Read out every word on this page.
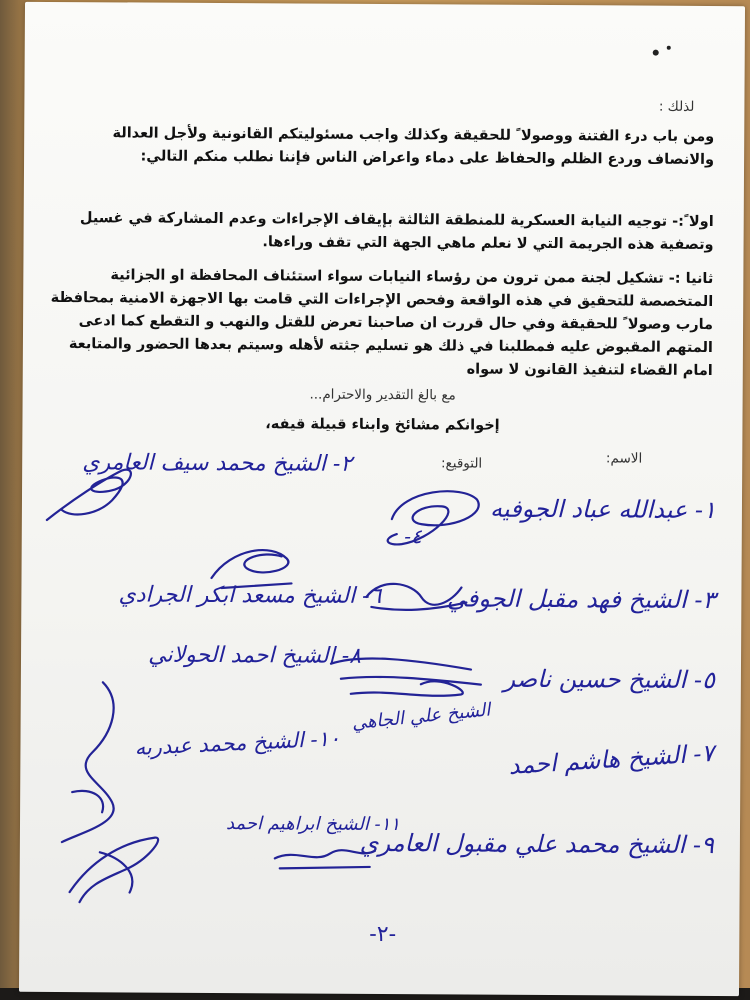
لذلك :
ومن باب درء الفتنة ووصولا ً للحقيقة وكذلك واجب مسئوليتكم القانونية ولأجل العدالة والانصاف وردع الظلم والحفاظ على دماء واعراض الناس فإننا نطلب منكم التالي:
اولا ً:- توجيه النيابة العسكرية للمنطقة الثالثة بإيقاف الإجراءات وعدم المشاركة في غسيل وتصفية هذه الجريمة التي لا نعلم ماهي الجهة التي تقف وراءها.
ثانيا :- تشكيل لجنة ممن ترون من رؤساء النيابات سواء استئناف المحافظة او الجزائية المتخصصة للتحقيق في هذه الواقعة وفحص الإجراءات التي قامت بها الاجهزة الامنية بمحافظة مارب وصولا ً للحقيقة وفي حال قررت ان صاحبنا تعرض للقتل والنهب و التقطع كما ادعى المتهم المقبوض عليه فمطلبنا في ذلك هو تسليم جثته لأهله وسيتم بعدها الحضور والمتابعة امام القضاء لتنفيذ القانون لا سواه
مع بالغ التقدير والاحترام...
إخوانكم مشائخ وابناء قبيلة قيفه،
الاسم:
التوقيع:
١- عبدالله عباد الجوفيه
٢- الشيخ محمد سيف العامري
٤-
٣- الشيخ فهد مقبل الجوفي
٦- الشيخ مسعد ابكر الجرادي
٥- الشيخ حسين ناصر
٨- الشيخ احمد الحولاني
الشيخ علي الجاهي
٧- الشيخ هاشم احمد
١٠- الشيخ محمد عبدربه
٩- الشيخ محمد علي مقبول العامري
١١- الشيخ ابراهيم احمد
-٢-
